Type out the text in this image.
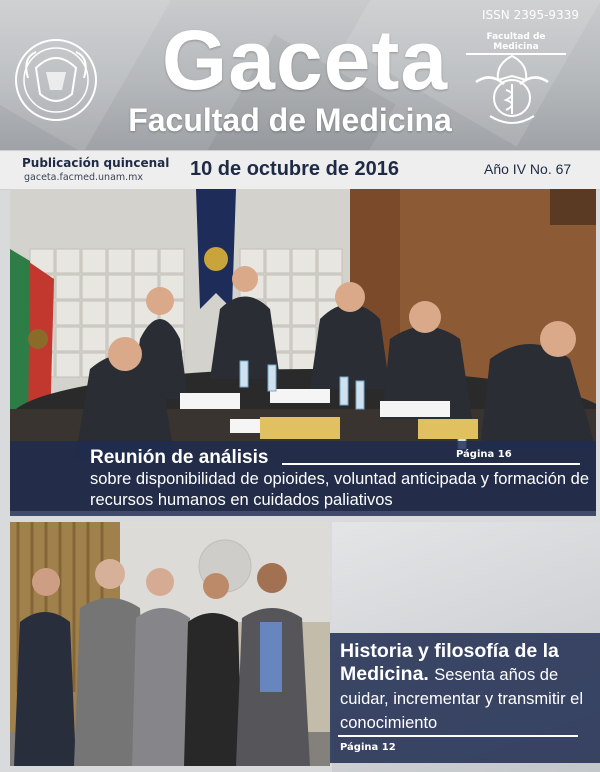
ISSN 2395-9339
Facultad de Medicina
Gaceta
Facultad de Medicina
Publicación quincenal
gaceta.facmed.unam.mx 10 de octubre de 2016	Año IV No. 67
Reunión de análisis	Página 16
sobre disponibilidad de opioides, voluntad anticipada y formación de recursos humanos en cuidados paliativos
Historia y filosofía de la Medicina. Sesenta años de cuidar, incrementar y transmitir el conocimiento
Página 12
